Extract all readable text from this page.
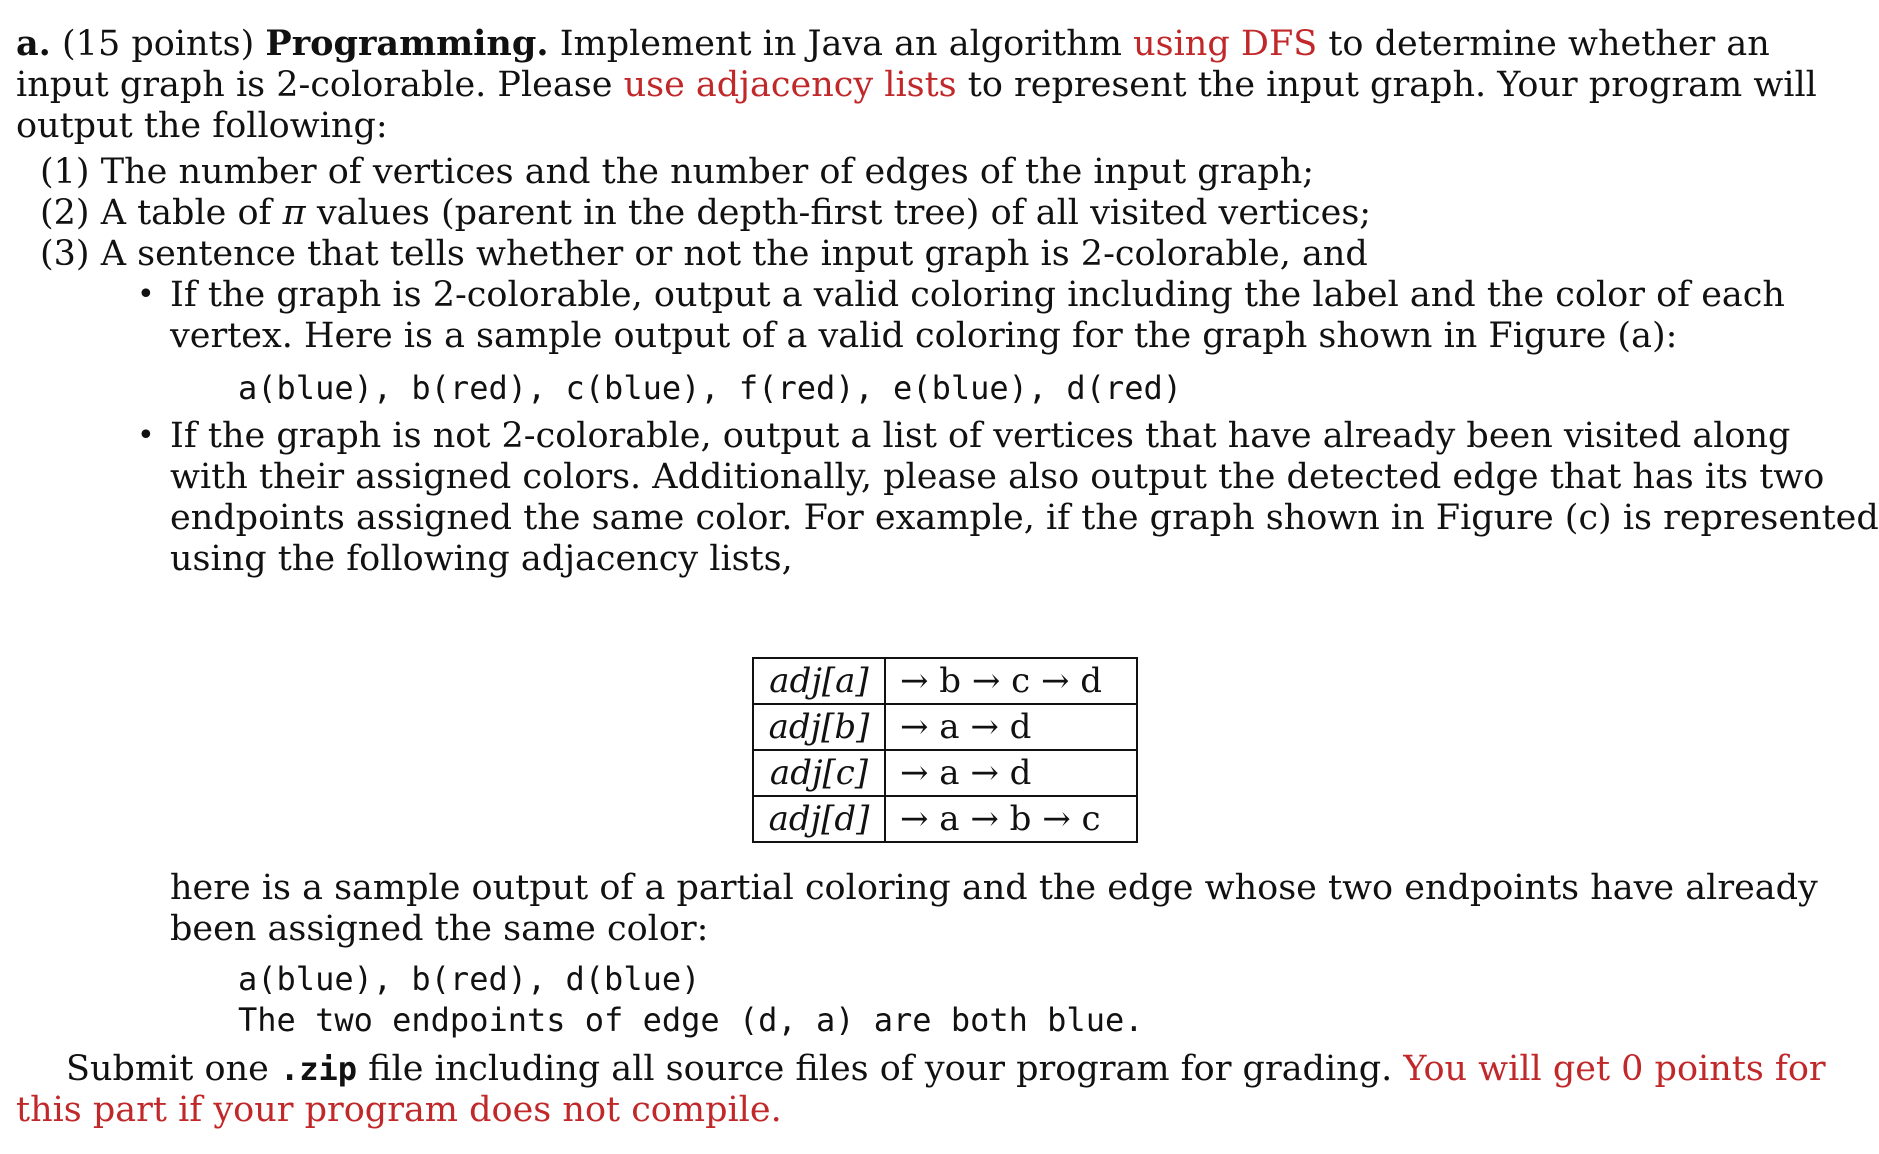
a. (15 points) Programming. Implement in Java an algorithm using DFS to determine whether an
input graph is 2-colorable. Please use adjacency lists to represent the input graph. Your program will
output the following:
(1) The number of vertices and the number of edges of the input graph;
(2) A table of π values (parent in the depth-first tree) of all visited vertices;
(3) A sentence that tells whether or not the input graph is 2-colorable, and
• If the graph is 2-colorable, output a valid coloring including the label and the color of each
vertex. Here is a sample output of a valid coloring for the graph shown in Figure (a):
a(blue), b(red), c(blue), f(red), e(blue), d(red)
• If the graph is not 2-colorable, output a list of vertices that have already been visited along
with their assigned colors. Additionally, please also output the detected edge that has its two
endpoints assigned the same color. For example, if the graph shown in Figure (c) is represented
using the following adjacency lists,
adj[a]	→ b → c → d
adj[b]	→ a → d
adj[c]	→ a → d
adj[d]	→ a → b → c
here is a sample output of a partial coloring and the edge whose two endpoints have already
been assigned the same color:
a(blue), b(red), d(blue)
The two endpoints of edge (d, a) are both blue.
Submit one .zip file including all source files of your program for grading. You will get 0 points for
this part if your program does not compile.
